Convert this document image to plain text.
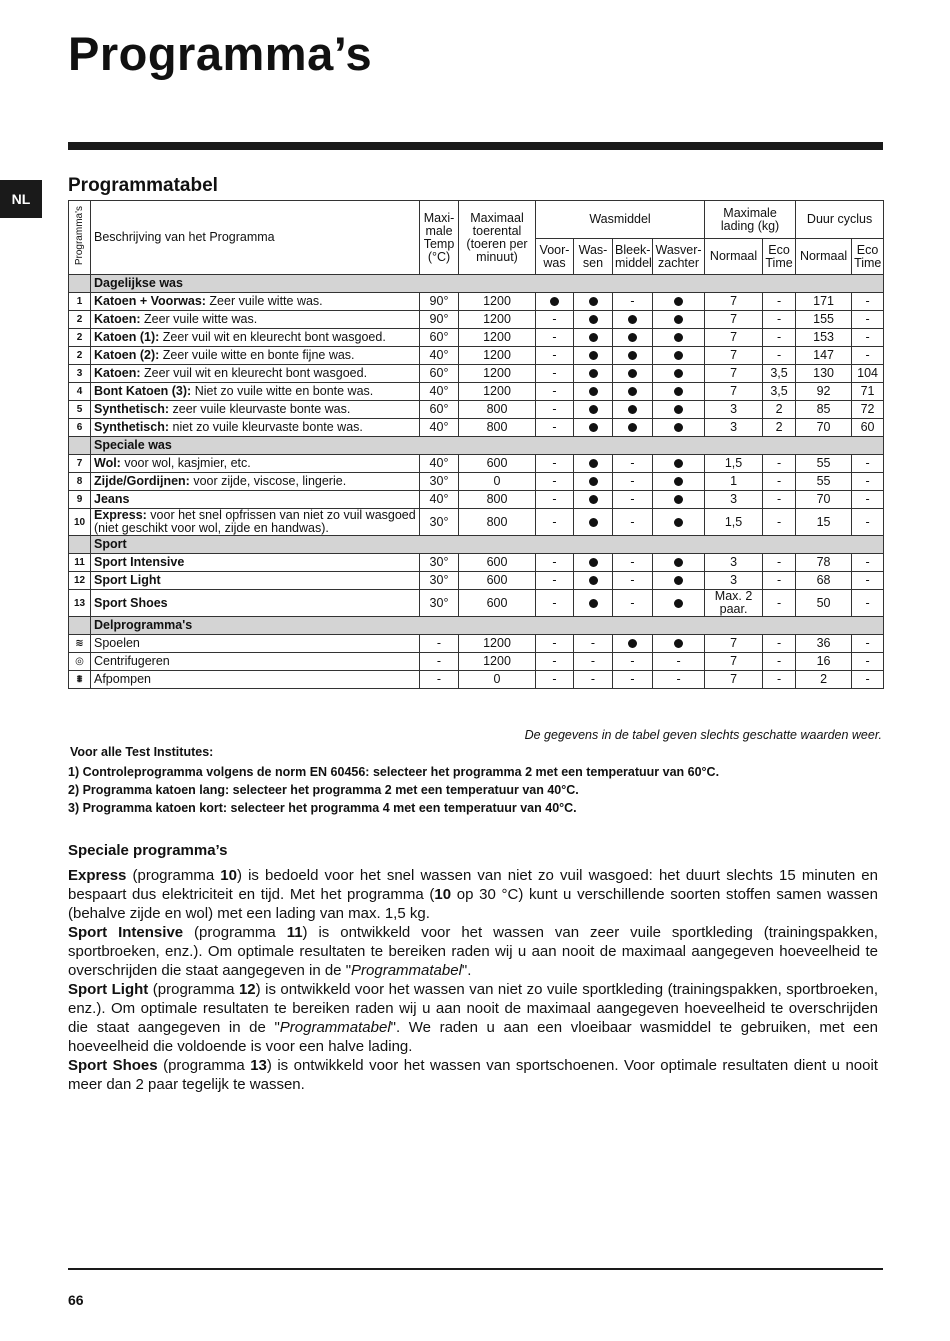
Programma’s
NL
Programmatabel
Programma's	Beschrijving van het Programma	Maxi- male Temp (°C)	Maximaal toerental (toeren per minuut)	Wasmiddel				Maximale lading (kg)		Duur cyclus	
				Voor- was	Was- sen	Bleek- middel	Wasver- zachter	Normaal	Eco Time	Normaal	Eco Time
	Dagelijkse was										
1	Katoen + Voorwas: Zeer vuile witte was.	90°	1200			-		7	-	171	-
2	Katoen: Zeer vuile witte was.	90°	1200	-				7	-	155	-
2	Katoen (1): Zeer vuil wit en kleurecht bont wasgoed.	60°	1200	-				7	-	153	-
2	Katoen (2): Zeer vuile witte en bonte fijne was.	40°	1200	-				7	-	147	-
3	Katoen: Zeer vuil wit en kleurecht bont wasgoed.	60°	1200	-				7	3,5	130	104
4	Bont Katoen (3): Niet zo vuile witte en bonte was.	40°	1200	-				7	3,5	92	71
5	Synthetisch: zeer vuile kleurvaste bonte was.	60°	800	-				3	2	85	72
6	Synthetisch: niet zo vuile kleurvaste bonte was.	40°	800	-				3	2	70	60
	Speciale was										
7	Wol: voor wol, kasjmier, etc.	40°	600	-		-		1,5	-	55	-
8	Zijde/Gordijnen: voor zijde, viscose, lingerie.	30°	0	-		-		1	-	55	-
9	Jeans	40°	800	-		-		3	-	70	-
10	Express: voor het snel opfrissen van niet zo vuil wasgoed (niet geschikt voor wol, zijde en handwas).	30°	800	-		-		1,5	-	15	-
	Sport										
11	Sport Intensive	30°	600	-		-		3	-	78	-
12	Sport Light	30°	600	-		-		3	-	68	-
13	Sport Shoes	30°	600	-		-		Max. 2 paar.	-	50	-
	Delprogramma's										
≋	Spoelen	-	1200	-	-			7	-	36	-
◎	Centrifugeren	-	1200	-	-	-	-	7	-	16	-
⩩	Afpompen	-	0	-	-	-	-	7	-	2	-

De gegevens in de tabel geven slechts geschatte waarden weer.

Voor alle Test Institutes:

1) Controleprogramma volgens de norm EN 60456: selecteer het programma 2 met een temperatuur van 60°C.
2) Programma katoen lang: selecteer het programma 2 met een temperatuur van 40°C.
3) Programma katoen kort: selecteer het programma 4 met een temperatuur van 40°C.
Speciale programma’s

Express (programma 10) is bedoeld voor het snel wassen van niet zo vuil wasgoed: het duurt slechts 15 minuten en bespaart dus elektriciteit en tijd. Met het programma (10 op 30 °C) kunt u verschillende soorten stoffen samen wassen (behalve zijde en wol) met een lading van max. 1,5 kg.

Sport Intensive (programma 11) is ontwikkeld voor het wassen van zeer vuile sportkleding (trainingspakken, sportbroeken, enz.). Om optimale resultaten te bereiken raden wij u aan nooit de maximaal aangegeven hoeveelheid te overschrijden die staat aangegeven in de "Programmatabel".

Sport Light (programma 12) is ontwikkeld voor het wassen van niet zo vuile sportkleding (trainingspakken, sportbroeken, enz.). Om optimale resultaten te bereiken raden wij u aan nooit de maximaal aangegeven hoeveelheid te overschrijden die staat aangegeven in de "Programmatabel". We raden u aan een vloeibaar wasmiddel te gebruiken, met een hoeveelheid die voldoende is voor een halve lading.

Sport Shoes (programma 13) is ontwikkeld voor het wassen van sportschoenen. Voor optimale resultaten dient u nooit meer dan 2 paar tegelijk te wassen.

66
